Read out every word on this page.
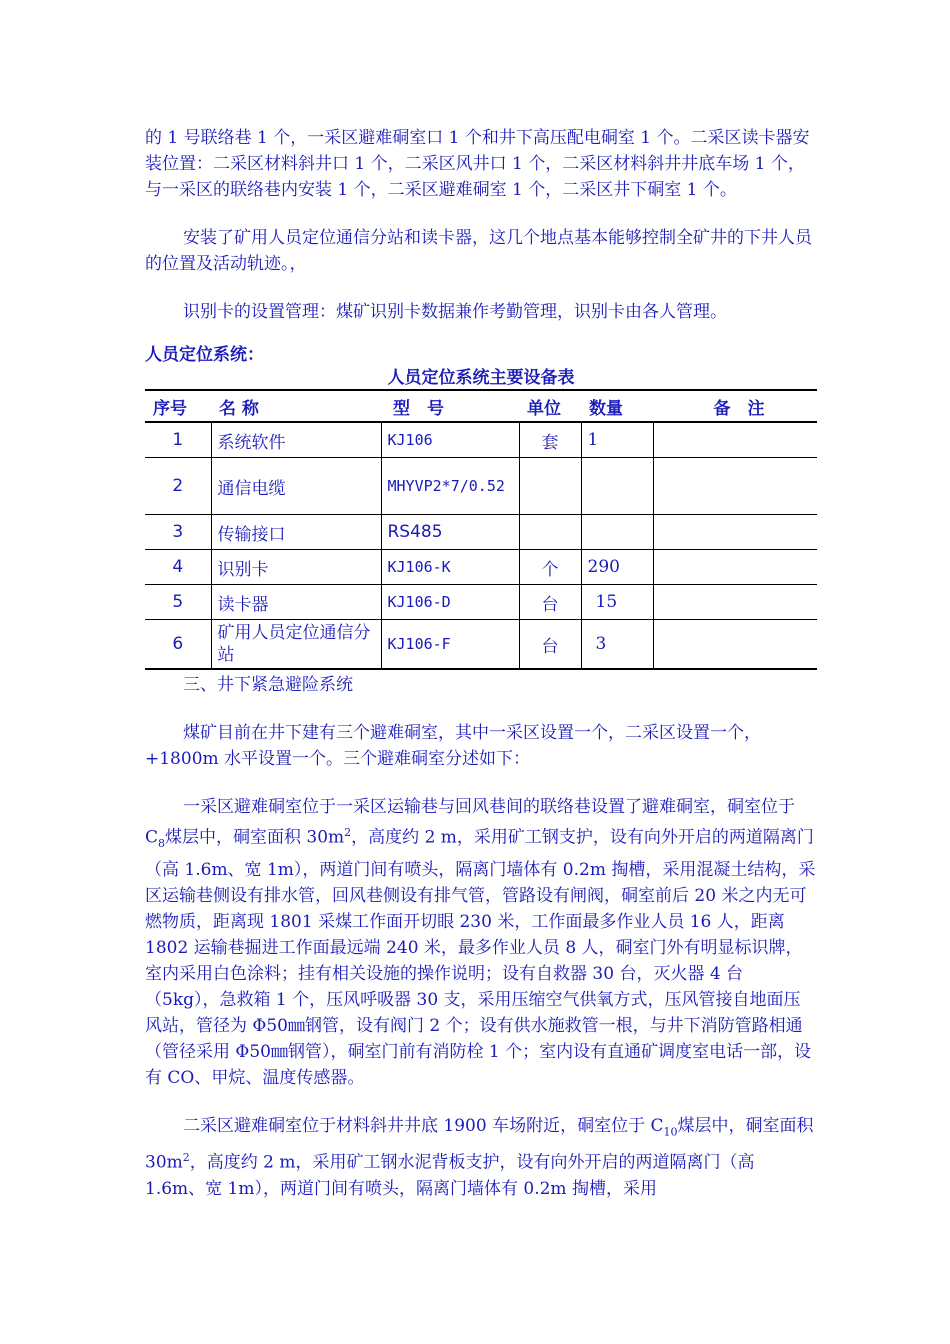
的 1 号联络巷 1 个，一采区避难硐室口 1 个和井下高压配电硐室 1 个。二采区读卡器安装位置：二采区材料斜井口 1 个，二采区风井口 1 个，二采区材料斜井井底车场 1 个，与一采区的联络巷内安装 1 个，二采区避难硐室 1 个，二采区井下硐室 1 个。

安装了矿用人员定位通信分站和读卡器，这几个地点基本能够控制全矿井的下井人员的位置及活动轨迹。，

识别卡的设置管理：煤矿识别卡数据兼作考勤管理，识别卡由各人管理。

人员定位系统：
人员定位系统主要设备表
序号	名 称	型　号	单位	数量	备　注
1	系统软件	KJ106	套	1	
2	通信电缆	MHYVP2*7/0.52			
3	传输接口	RS485			
4	识别卡	KJ106-K	个	290	
5	读卡器	KJ106-D	台	15	
6	矿用人员定位通信分站	KJ106-F	台	3	

三、井下紧急避险系统

煤矿目前在井下建有三个避难硐室，其中一采区设置一个，二采区设置一个，+1800m 水平设置一个。三个避难硐室分述如下：

一采区避难硐室位于一采区运输巷与回风巷间的联络巷设置了避难硐室，硐室位于 $C_8$煤层中，硐室面积 $30m^2$，高度约 2 m，采用矿工钢支护，设有向外开启的两道隔离门（高 1.6m、宽 1m），两道门间有喷头，隔离门墙体有 0.2m 掏槽，采用混凝土结构，采区运输巷侧设有排水管，回风巷侧设有排气管，管路设有闸阀，硐室前后 20 米之内无可燃物质，距离现 1801 采煤工作面开切眼 230 米，工作面最多作业人员 16 人，距离 1802 运输巷掘进工作面最远端 240 米，最多作业人员 8 人，硐室门外有明显标识牌，室内采用白色涂料；挂有相关设施的操作说明；设有自救器 30 台，灭火器 4 台（5kg），急救箱 1 个，压风呼吸器 30 支，采用压缩空气供氧方式，压风管接自地面压风站，管径为 Φ50㎜钢管，设有阀门 2 个；设有供水施救管一根，与井下消防管路相通（管径采用 Φ50㎜钢管），硐室门前有消防栓 1 个；室内设有直通矿调度室电话一部，设有 CO、甲烷、温度传感器。

二采区避难硐室位于材料斜井井底 1900 车场附近，硐室位于 $C_{10}$煤层中，硐室面积 $30m^2$，高度约 2 m，采用矿工钢水泥背板支护，设有向外开启的两道隔离门（高 1.6m、宽 1m），两道门间有喷头，隔离门墙体有 0.2m 掏槽，采用
